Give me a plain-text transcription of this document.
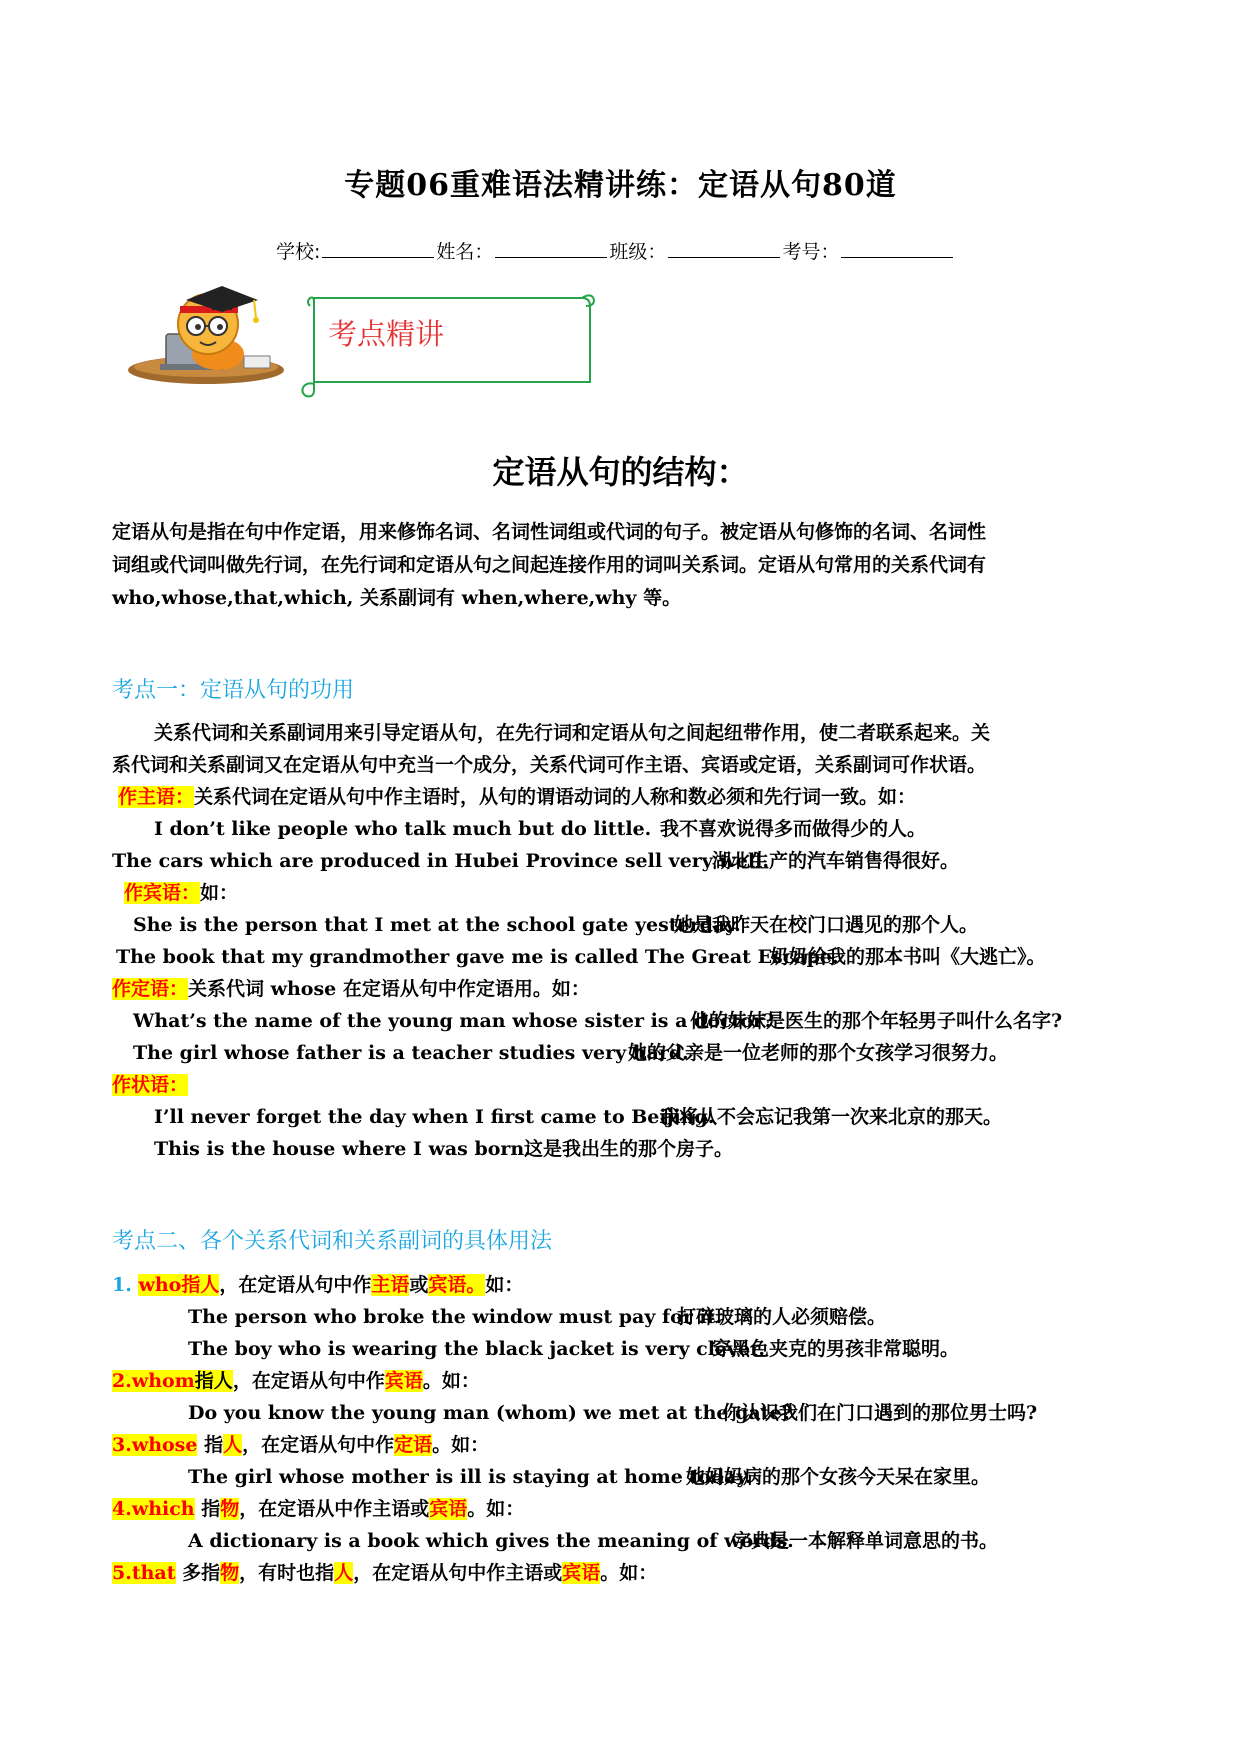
专题06重难语法精讲练：定语从句80道
学校:	姓名：	班级：	考号：
考点精讲
定语从句的结构：
定语从句是指在句中作定语，用来修饰名词、名词性词组或代词的句子。被定语从句修饰的名词、名词性
词组或代词叫做先行词，在先行词和定语从句之间起连接作用的词叫关系词。定语从句常用的关系代词有
who,whose,that,which, 关系副词有 when,where,why 等。
考点一：定语从句的功用
关系代词和关系副词用来引导定语从句，在先行词和定语从句之间起纽带作用，使二者联系起来。关
系代词和关系副词又在定语从句中充当一个成分，关系代词可作主语、宾语或定语，关系副词可作状语。
作主语：关系代词在定语从句中作主语时，从句的谓语动词的人称和数必须和先行词一致。如：
I don’t like people who talk much but do little. 我不喜欢说得多而做得少的人。
The cars which are produced in Hubei Province sell very well.
湖北生产的汽车销售得很好。
作宾语：如：
She is the person that I met at the school gate yesterday.
她是我昨天在校门口遇见的那个人。
The book that my grandmother gave me is called The Great Escape.
奶奶给我的那本书叫《大逃亡》。
作定语：关系代词 whose 在定语从句中作定语用。如：
What’s the name of the young man whose sister is a doctor?
他的妹妹是医生的那个年轻男子叫什么名字?
The girl whose father is a teacher studies very hard.
她的父亲是一位老师的那个女孩学习很努力。
作状语：
I’ll never forget the day when I first came to Beijing.
我将从不会忘记我第一次来北京的那天。
This is the house where I was born.
这是我出生的那个房子。
考点二、各个关系代词和关系副词的具体用法
1. who指人，在定语从句中作主语或宾语。如：
The person who broke the window must pay for it.
打碎玻璃的人必须赔偿。
The boy who is wearing the black jacket is very clever.
穿黑色夹克的男孩非常聪明。
2.whom指人，在定语从句中作宾语。如：
Do you know the young man (whom) we met at the gate?
你认识我们在门口遇到的那位男士吗?
3.whose 指人，在定语从句中作定语。如：
The girl whose mother is ill is staying at home today.
她妈妈病的那个女孩今天呆在家里。
4.which 指物，在定语从中作主语或宾语。如：
A dictionary is a book which gives the meaning of words.
字典是一本解释单词意思的书。
5.that 多指物，有时也指人，在定语从句中作主语或宾语。如：
